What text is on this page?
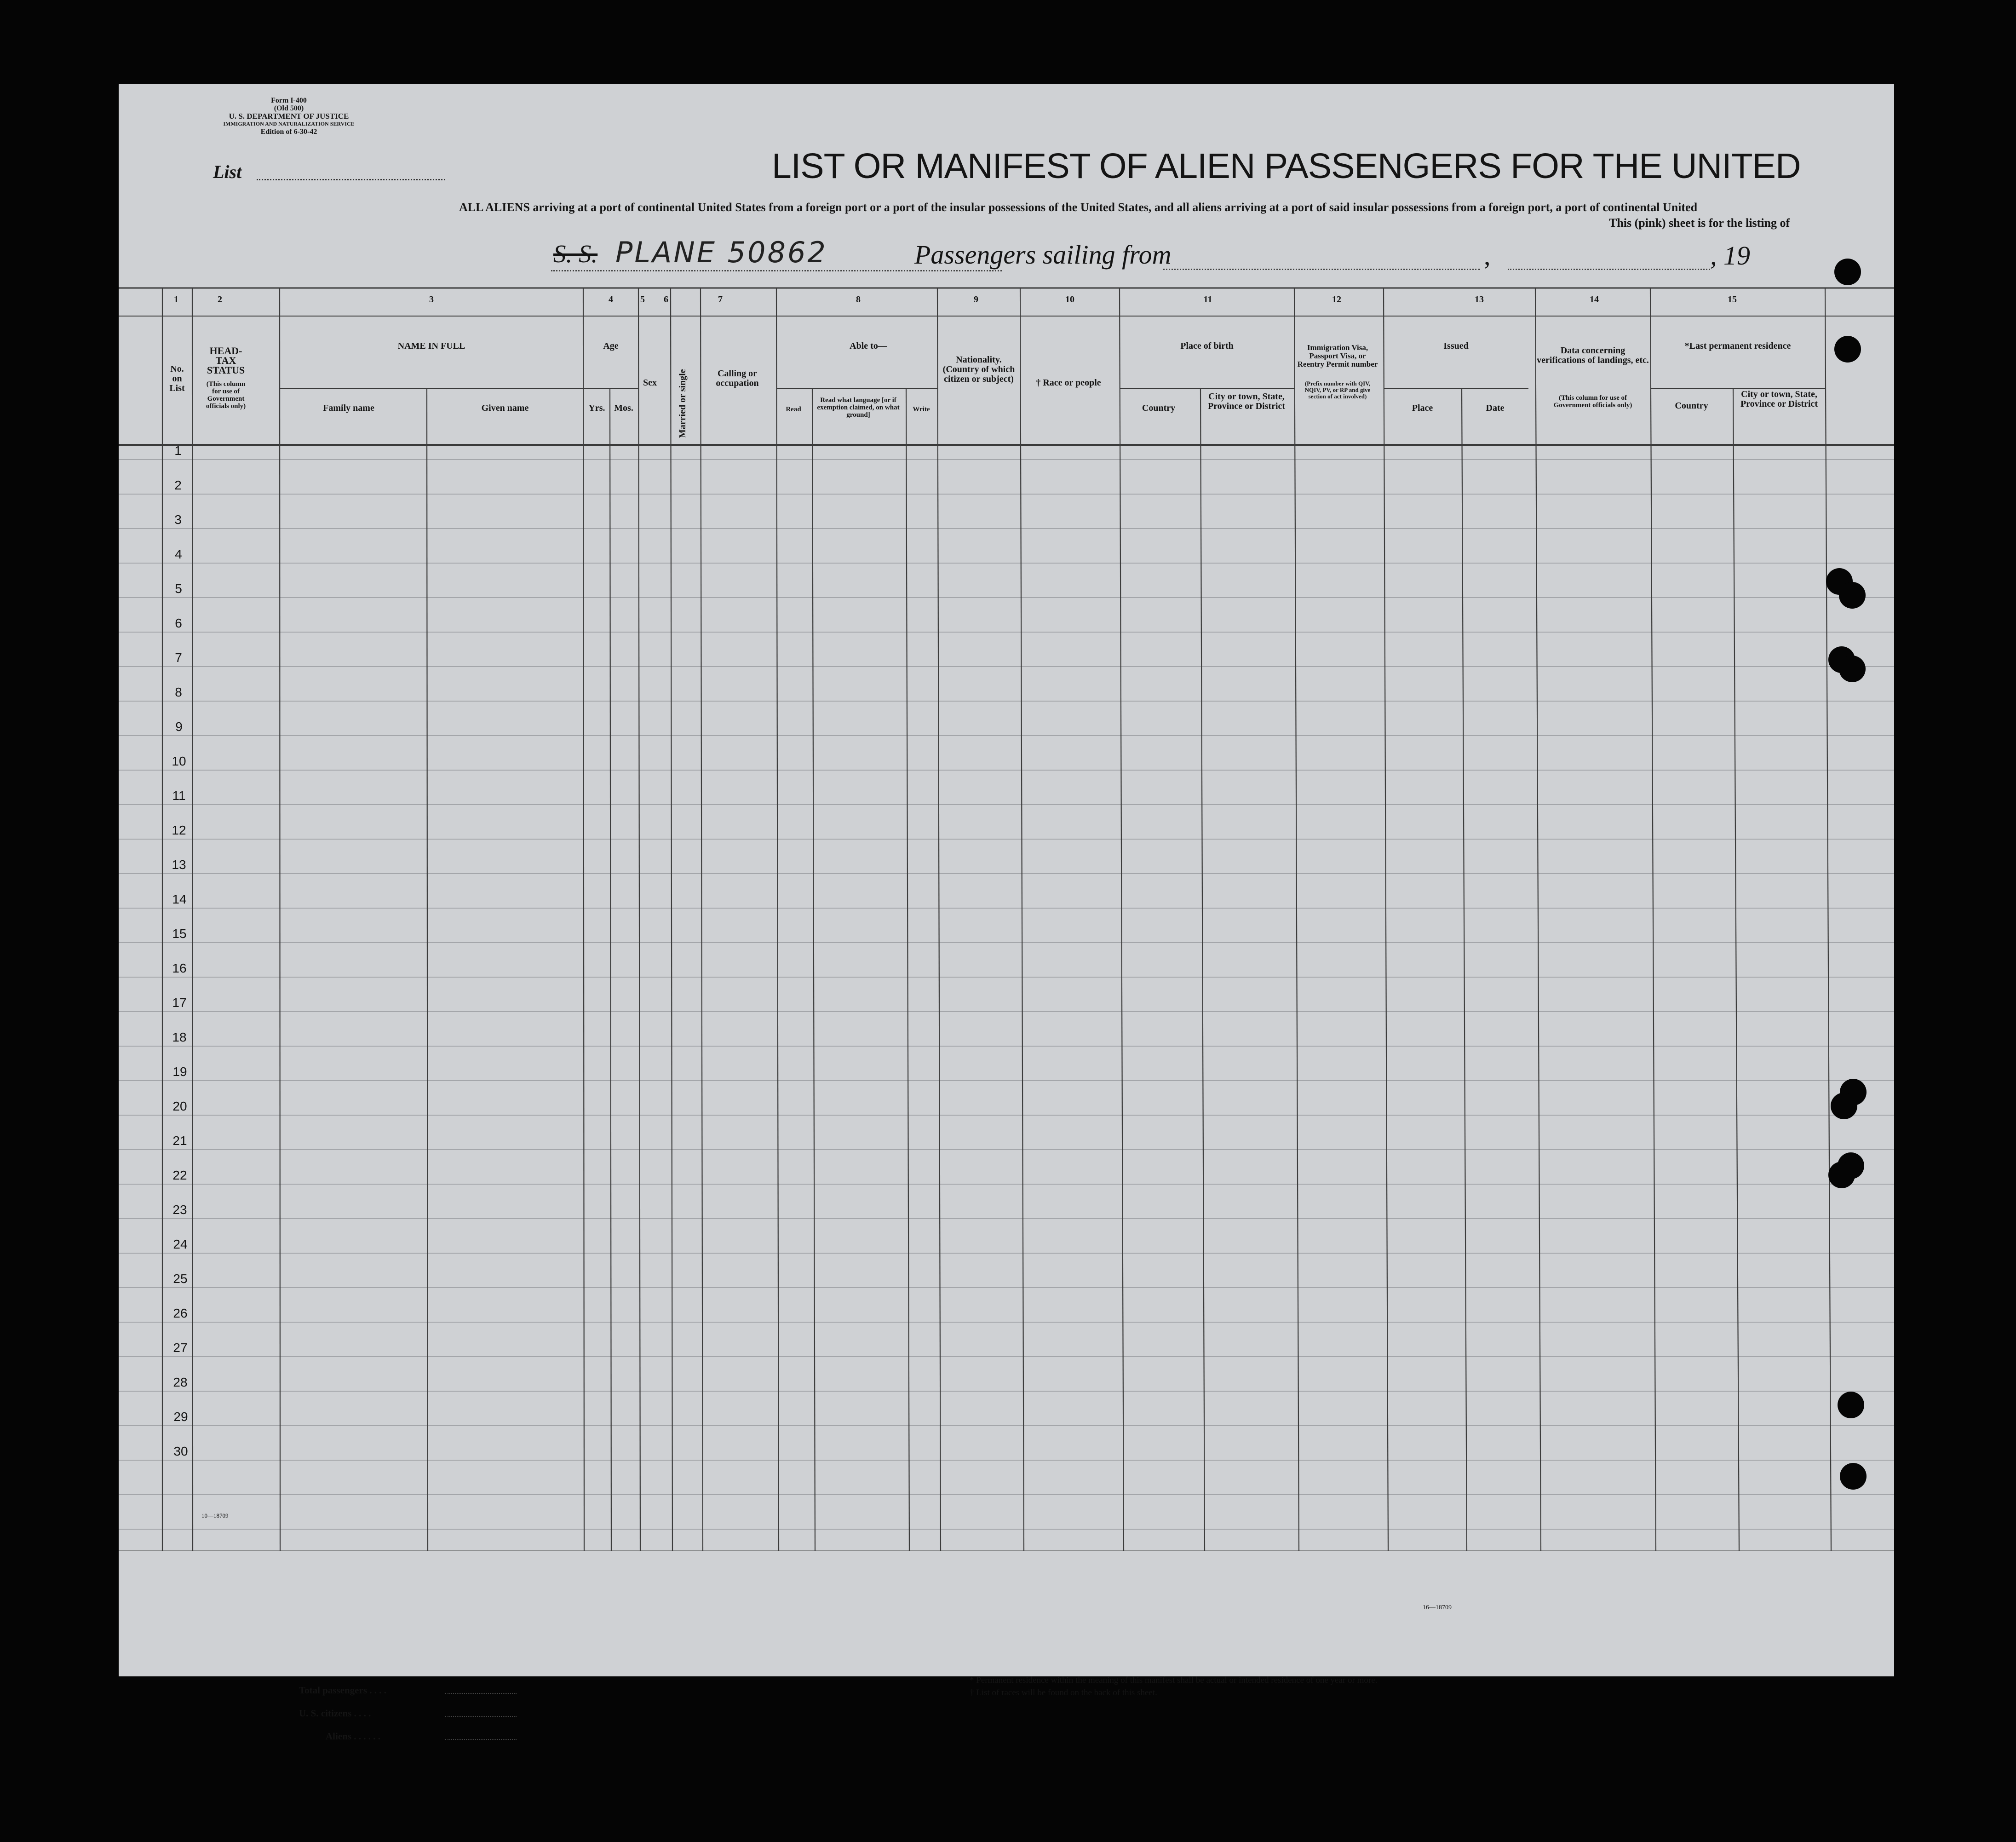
Form I-400
(Old 500)
U. S. DEPARTMENT OF JUSTICE
IMMIGRATION AND NATURALIZATION SERVICE
Edition of 6-30-42
List	LIST OR MANIFEST OF ALIEN PASSENGERS FOR THE UNITED
ALL ALIENS arriving at a port of continental United States from a foreign port or a port of the insular possessions of the United States, and all aliens arriving at a port of said insular possessions from a foreign port, a port of continental United
This (pink) sheet is for the listing of
S. S. PLANE 50862	Passengers sailing from	,	, 19
1	2	3	4	5	6	7	8	9	10	11	12	13	14	15
No. on List
HEAD-TAX STATUS
(This column for use of Government officials only)
NAME IN FULL
Family name	Given name
Age
Yrs. Mos.
Sex	Married or single	Calling or occupation
Able to—
Read
Read what language [or if exemption claimed, on what ground]
Write
Nationality. (Country of which citizen or subject)	† Race or people
Place of birth
Country
City or town, State, Province or District
Immigration Visa, Passport Visa, or Reentry Permit number
(Prefix number with QIV, NQIV, PV, or RP and give section of act involved)
Issued
Place	Date
Data concerning verifications of landings, etc.
(This column for use of Government officials only)
*Last permanent residence
Country
City or town, State, Province or District
1
2
3
4
5
6
7
8
9
10
11
12
13
14
15
16
17
18
19
20
21
22
23
24
25
26
27
28
29
30
10—18709
Total passengers . . . .
U. S. citizens . . . .
Aliens . . . . . .
* Permanent residence within the meaning of this manifest shall be actual or intended residence of one year or more.
† List of races will be found on the back of this sheet.
16—18709
